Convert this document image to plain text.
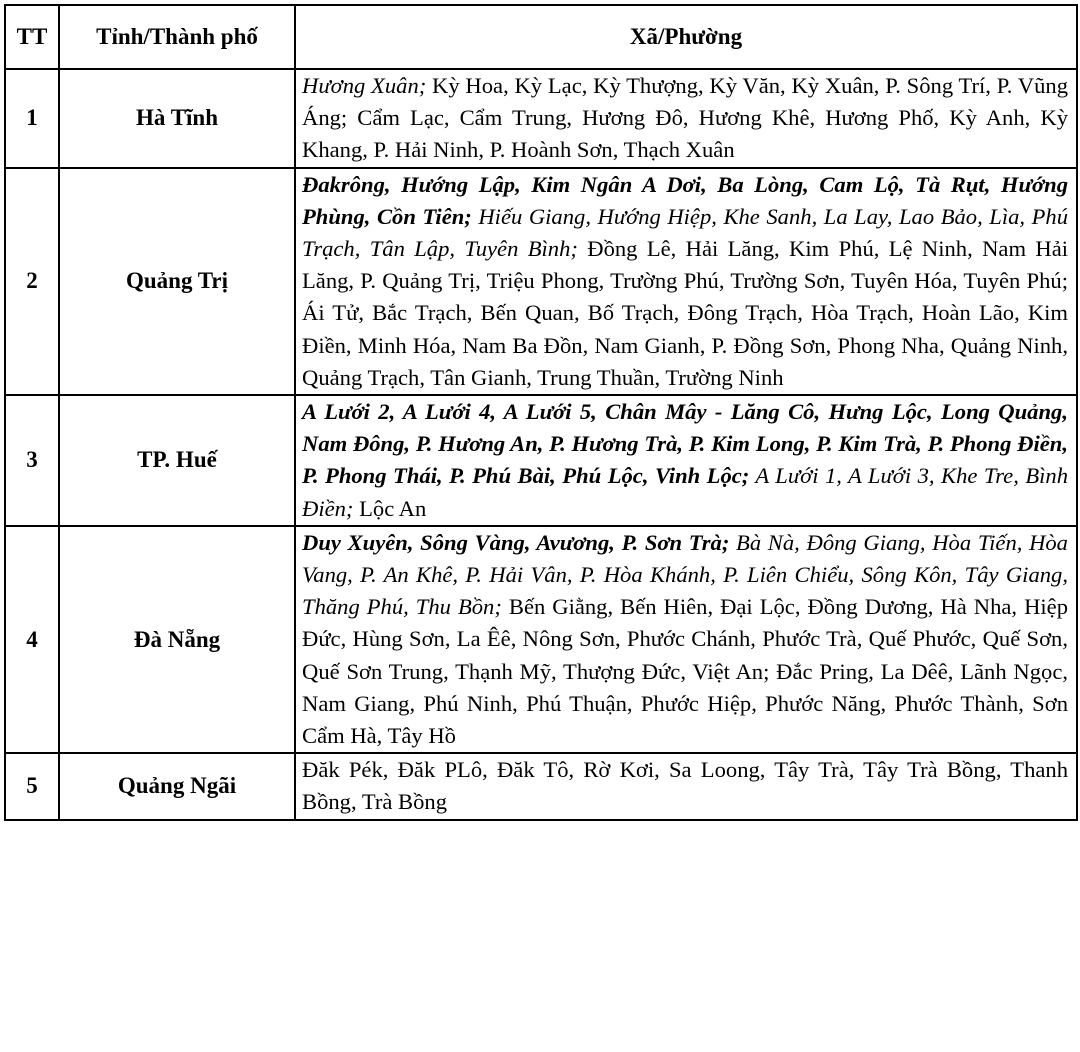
TT	Tỉnh/Thành phố	Xã/Phường
1	Hà Tĩnh	Hương Xuân; Kỳ Hoa, Kỳ Lạc, Kỳ Thượng, Kỳ Văn, Kỳ Xuân, P. Sông Trí, P. Vũng Áng; Cẩm Lạc, Cẩm Trung, Hương Đô, Hương Khê, Hương Phố, Kỳ Anh, Kỳ Khang, P. Hải Ninh, P. Hoành Sơn, Thạch Xuân
2	Quảng Trị	Đakrông, Hướng Lập, Kim Ngân A Dơi, Ba Lòng, Cam Lộ, Tà Rụt, Hướng Phùng, Cồn Tiên; Hiếu Giang, Hướng Hiệp, Khe Sanh, La Lay, Lao Bảo, Lìa, Phú Trạch, Tân Lập, Tuyên Bình; Đồng Lê, Hải Lăng, Kim Phú, Lệ Ninh, Nam Hải Lăng, P. Quảng Trị, Triệu Phong, Trường Phú, Trường Sơn, Tuyên Hóa, Tuyên Phú; Ái Tử, Bắc Trạch, Bến Quan, Bố Trạch, Đông Trạch, Hòa Trạch, Hoàn Lão, Kim Điền, Minh Hóa, Nam Ba Đồn, Nam Gianh, P. Đồng Sơn, Phong Nha, Quảng Ninh, Quảng Trạch, Tân Gianh, Trung Thuần, Trường Ninh
3	TP. Huế	A Lưới 2, A Lưới 4, A Lưới 5, Chân Mây - Lăng Cô, Hưng Lộc, Long Quảng, Nam Đông, P. Hương An, P. Hương Trà, P. Kim Long, P. Kim Trà, P. Phong Điền, P. Phong Thái, P. Phú Bài, Phú Lộc, Vinh Lộc; A Lưới 1, A Lưới 3, Khe Tre, Bình Điền; Lộc An
4	Đà Nẵng	Duy Xuyên, Sông Vàng, Avương, P. Sơn Trà; Bà Nà, Đông Giang, Hòa Tiến, Hòa Vang, P. An Khê, P. Hải Vân, P. Hòa Khánh, P. Liên Chiểu, Sông Kôn, Tây Giang, Thăng Phú, Thu Bồn; Bến Giằng, Bến Hiên, Đại Lộc, Đồng Dương, Hà Nha, Hiệp Đức, Hùng Sơn, La Êê, Nông Sơn, Phước Chánh, Phước Trà, Quế Phước, Quế Sơn, Quế Sơn Trung, Thạnh Mỹ, Thượng Đức, Việt An; Đắc Pring, La Dêê, Lãnh Ngọc, Nam Giang, Phú Ninh, Phú Thuận, Phước Hiệp, Phước Năng, Phước Thành, Sơn Cẩm Hà, Tây Hồ
5	Quảng Ngãi	Đăk Pék, Đăk PLô, Đăk Tô, Rờ Kơi, Sa Loong, Tây Trà, Tây Trà Bồng, Thanh Bồng, Trà Bồng
